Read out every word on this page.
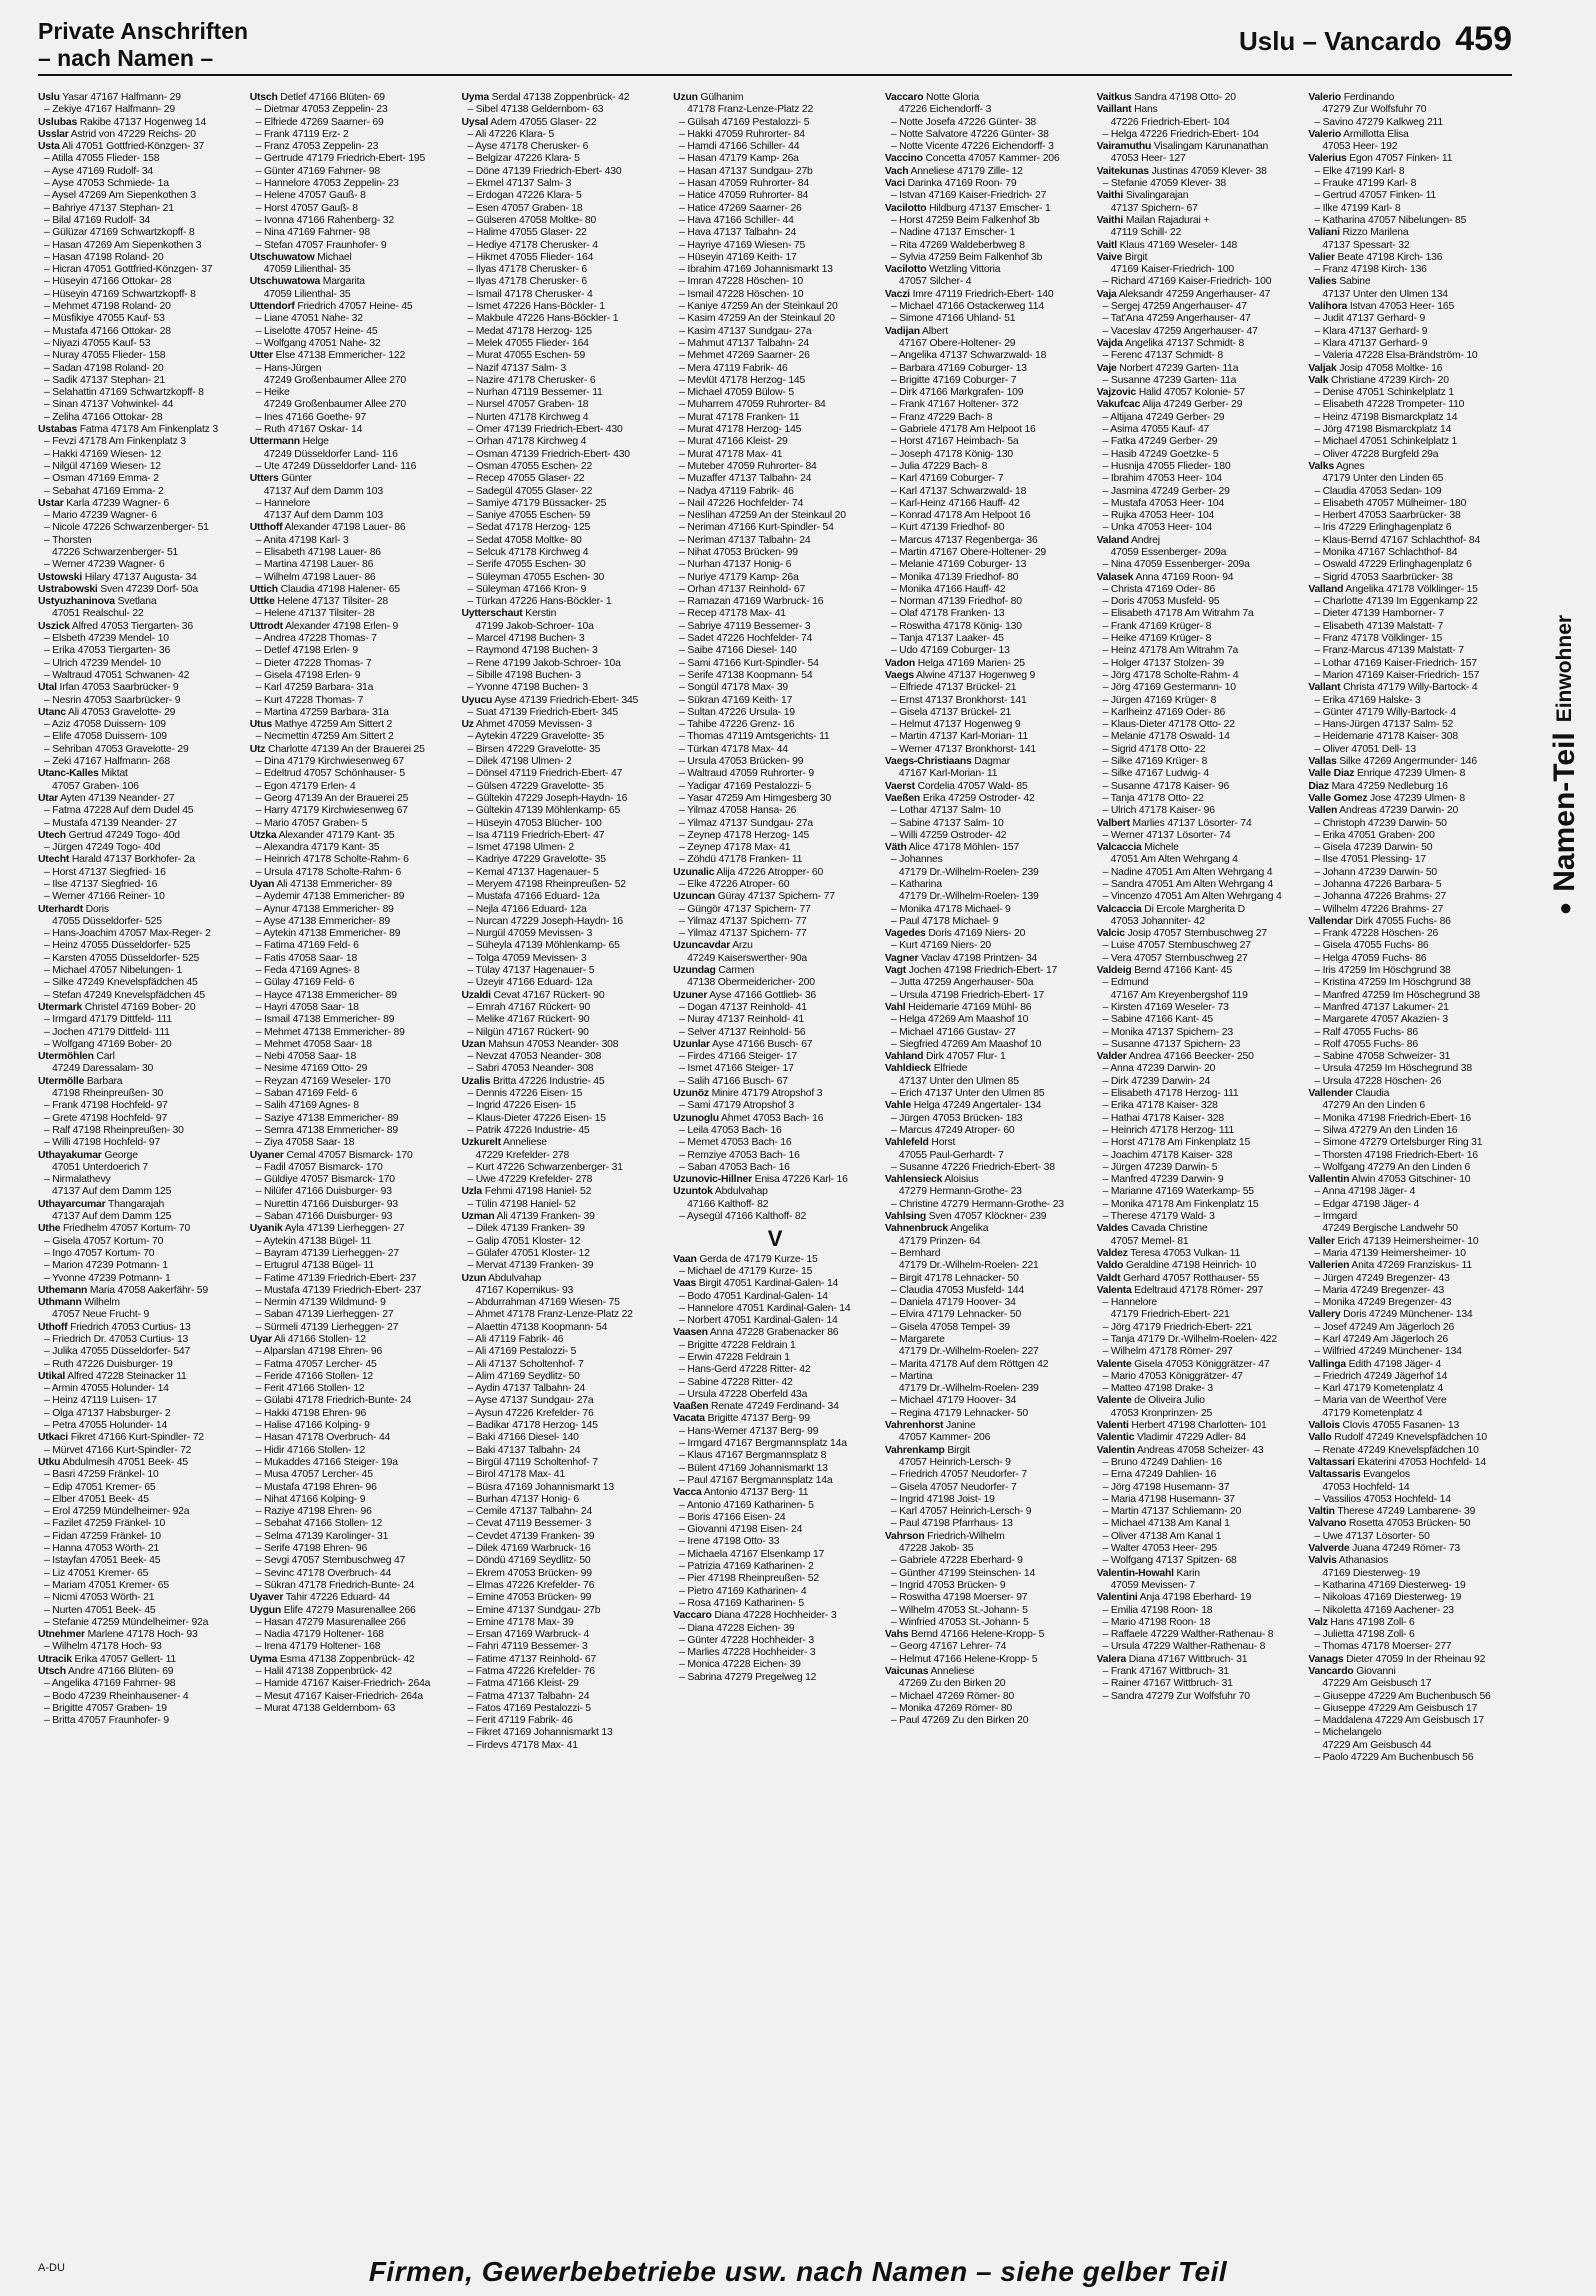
Private Anschriften
– nach Namen –
Uslu – Vancardo 459
●
Namen-Teil
Einwohner
Uslu Yasar 47167 Halfmann- 29
– Zekiye 47167 Halfmann- 29
Uslubas Rakibe 47137 Hogenweg 14
Usslar Astrid von 47229 Reichs- 20
Usta Ali 47051 Gottfried-Könzgen- 37
– Atilla 47055 Flieder- 158
– Ayse 47169 Rudolf- 34
– Ayse 47053 Schmiede- 1a
– Aysel 47269 Am Siepenkothen 3
– Bahriye 47137 Stephan- 21
– Bilal 47169 Rudolf- 34
– Gülüzar 47169 Schwartzkopff- 8
– Hasan 47269 Am Siepenkothen 3
– Hasan 47198 Roland- 20
– Hicran 47051 Gottfried-Könzgen- 37
– Hüseyin 47166 Ottokar- 28
– Hüseyin 47169 Schwartzkopff- 8
– Mehmet 47198 Roland- 20
– Müsfikiye 47055 Kauf- 53
– Mustafa 47166 Ottokar- 28
– Niyazi 47055 Kauf- 53
– Nuray 47055 Flieder- 158
– Sadan 47198 Roland- 20
– Sadik 47137 Stephan- 21
– Selahattin 47169 Schwartzkopff- 8
– Sinan 47137 Vohwinkel- 44
– Zeliha 47166 Ottokar- 28
Ustabas Fatma 47178 Am Finkenplatz 3
– Fevzi 47178 Am Finkenplatz 3
– Hakki 47169 Wiesen- 12
– Nilgül 47169 Wiesen- 12
– Osman 47169 Emma- 2
– Sebahat 47169 Emma- 2
Ustar Karla 47239 Wagner- 6
– Mario 47239 Wagner- 6
– Nicole 47226 Schwarzenberger- 51
– Thorsten
47226 Schwarzenberger- 51
– Werner 47239 Wagner- 6
Ustowski Hilary 47137 Augusta- 34
Ustrabowski Sven 47239 Dorf- 50a
Ustyuzhaninova Svetlana
47051 Realschul- 22
Uszick Alfred 47053 Tiergarten- 36
– Elsbeth 47239 Mendel- 10
– Erika 47053 Tiergarten- 36
– Ulrich 47239 Mendel- 10
– Waltraud 47051 Schwanen- 42
Utal Irfan 47053 Saarbrücker- 9
– Nesrin 47053 Saarbrücker- 9
Utanc Ali 47053 Gravelotte- 29
– Aziz 47058 Duissern- 109
– Elife 47058 Duissern- 109
– Sehriban 47053 Gravelotte- 29
– Zeki 47167 Halfmann- 268
Utanc-Kalles Miktat
47057 Graben- 106
Utar Ayten 47139 Neander- 27
– Fatma 47228 Auf dem Dudel 45
– Mustafa 47139 Neander- 27
Utech Gertrud 47249 Togo- 40d
– Jürgen 47249 Togo- 40d
Utecht Harald 47137 Borkhofer- 2a
– Horst 47137 Siegfried- 16
– Ilse 47137 Siegfried- 16
– Werner 47166 Reiner- 10
Uterhardt Doris
47055 Düsseldorfer- 525
– Hans-Joachim 47057 Max-Reger- 2
– Heinz 47055 Düsseldorfer- 525
– Karsten 47055 Düsseldorfer- 525
– Michael 47057 Nibelungen- 1
– Silke 47249 Knevelspfädchen 45
– Stefan 47249 Knevelspfädchen 45
Utermark Christel 47169 Bober- 20
– Irmgard 47179 Dittfeld- 111
– Jochen 47179 Dittfeld- 111
– Wolfgang 47169 Bober- 20
Utermöhlen Carl
47249 Daressalam- 30
Utermölle Barbara
47198 Rheinpreußen- 30
– Frank 47198 Hochfeld- 97
– Grete 47198 Hochfeld- 97
– Ralf 47198 Rheinpreußen- 30
– Willi 47198 Hochfeld- 97
Uthayakumar George
47051 Unterdoerich 7
– Nirmalathevy
47137 Auf dem Damm 125
Uthayarcumar Thangarajah
47137 Auf dem Damm 125
Uthe Friedhelm 47057 Kortum- 70
– Gisela 47057 Kortum- 70
– Ingo 47057 Kortum- 70
– Marion 47239 Potmann- 1
– Yvonne 47239 Potmann- 1
Uthemann Maria 47058 Aakerfähr- 59
Uthmann Wilhelm
47057 Neue Frucht- 9
Uthoff Friedrich 47053 Curtius- 13
– Friedrich Dr. 47053 Curtius- 13
– Julika 47055 Düsseldorfer- 547
– Ruth 47226 Duisburger- 19
Utikal Alfred 47228 Steinacker 11
– Armin 47055 Holunder- 14
– Heinz 47119 Luisen- 17
– Olga 47137 Habsburger- 2
– Petra 47055 Holunder- 14
Utkaci Fikret 47166 Kurt-Spindler- 72
– Mürvet 47166 Kurt-Spindler- 72
Utku Abdulmesih 47051 Beek- 45
– Basri 47259 Fränkel- 10
– Edip 47051 Kremer- 65
– Elber 47051 Beek- 45
– Erol 47259 Mündelheimer- 92a
– Fazilet 47259 Fränkel- 10
– Fidan 47259 Fränkel- 10
– Hanna 47053 Wörth- 21
– Istayfan 47051 Beek- 45
– Liz 47051 Kremer- 65
– Mariam 47051 Kremer- 65
– Nicmi 47053 Wörth- 21
– Nurten 47051 Beek- 45
– Stefanie 47259 Mündelheimer- 92a
Utnehmer Marlene 47178 Hoch- 93
– Wilhelm 47178 Hoch- 93
Utracik Erika 47057 Gellert- 11
Utsch Andre 47166 Blüten- 69
– Angelika 47169 Fahrner- 98
– Bodo 47239 Rheinhausener- 4
– Brigitte 47057 Graben- 19
– Britta 47057 Fraunhofer- 9
Utsch Detlef 47166 Blüten- 69
– Dietmar 47053 Zeppelin- 23
– Elfriede 47269 Saarner- 69
– Frank 47119 Erz- 2
– Franz 47053 Zeppelin- 23
– Gertrude 47179 Friedrich-Ebert- 195
– Günter 47169 Fahrner- 98
– Hannelore 47053 Zeppelin- 23
– Helene 47057 Gauß- 8
– Horst 47057 Gauß- 8
– Ivonna 47166 Rahenberg- 32
– Nina 47169 Fahrner- 98
– Stefan 47057 Fraunhofer- 9
Utschuwatow Michael
47059 Lilienthal- 35
Utschuwatowa Margarita
47059 Lilienthal- 35
Uttendorf Friedrich 47057 Heine- 45
– Liane 47051 Nahe- 32
– Liselotte 47057 Heine- 45
– Wolfgang 47051 Nahe- 32
Utter Else 47138 Emmericher- 122
– Hans-Jürgen
47249 Großenbaumer Allee 270
– Heike
47249 Großenbaumer Allee 270
– Ines 47166 Goethe- 97
– Ruth 47167 Oskar- 14
Uttermann Helge
47249 Düsseldorfer Land- 116
– Ute 47249 Düsseldorfer Land- 116
Utters Günter
47137 Auf dem Damm 103
– Hannelore
47137 Auf dem Damm 103
Utthoff Alexander 47198 Lauer- 86
– Anita 47198 Karl- 3
– Elisabeth 47198 Lauer- 86
– Martina 47198 Lauer- 86
– Wilhelm 47198 Lauer- 86
Uttich Claudia 47198 Halener- 65
Uttke Helene 47137 Tilsiter- 28
– Helene 47137 Tilsiter- 28
Uttrodt Alexander 47198 Erlen- 9
– Andrea 47228 Thomas- 7
– Detlef 47198 Erlen- 9
– Dieter 47228 Thomas- 7
– Gisela 47198 Erlen- 9
– Karl 47259 Barbara- 31a
– Kurt 47228 Thomas- 7
– Martina 47259 Barbara- 31a
Utus Mathye 47259 Am Sittert 2
– Necmettin 47259 Am Sittert 2
Utz Charlotte 47139 An der Brauerei 25
– Dina 47179 Kirchwiesenweg 67
– Edeltrud 47057 Schönhauser- 5
– Egon 47179 Erlen- 4
– Georg 47139 An der Brauerei 25
– Harry 47179 Kirchwiesenweg 67
– Mario 47057 Graben- 5
Utzka Alexander 47179 Kant- 35
– Alexandra 47179 Kant- 35
– Heinrich 47178 Scholte-Rahm- 6
– Ursula 47178 Scholte-Rahm- 6
Uyan Ali 47138 Emmericher- 89
– Aydemir 47138 Emmericher- 89
– Aynur 47138 Emmericher- 89
– Ayse 47138 Emmericher- 89
– Aytekin 47138 Emmericher- 89
– Fatima 47169 Feld- 6
– Fatis 47058 Saar- 18
– Feda 47169 Agnes- 8
– Gülay 47169 Feld- 6
– Hayce 47138 Emmericher- 89
– Hayri 47058 Saar- 18
– Ismail 47138 Emmericher- 89
– Mehmet 47138 Emmericher- 89
– Mehmet 47058 Saar- 18
– Nebi 47058 Saar- 18
– Nesime 47169 Otto- 29
– Reyzan 47169 Weseler- 170
– Saban 47169 Feld- 6
– Salih 47169 Agnes- 8
– Saziye 47138 Emmericher- 89
– Semra 47138 Emmericher- 89
– Ziya 47058 Saar- 18
Uyaner Cemal 47057 Bismarck- 170
– Fadil 47057 Bismarck- 170
– Güldiye 47057 Bismarck- 170
– Nilüfer 47166 Duisburger- 93
– Nurettin 47166 Duisburger- 93
– Saban 47166 Duisburger- 93
Uyanik Ayla 47139 Lierheggen- 27
– Aytekin 47138 Bügel- 11
– Bayram 47139 Lierheggen- 27
– Ertugrul 47138 Bügel- 11
– Fatime 47139 Friedrich-Ebert- 237
– Mustafa 47139 Friedrich-Ebert- 237
– Nermin 47139 Wildmund- 9
– Saban 47139 Lierheggen- 27
– Sürmeli 47139 Lierheggen- 27
Uyar Ali 47166 Stollen- 12
– Alparslan 47198 Ehren- 96
– Fatma 47057 Lercher- 45
– Feride 47166 Stollen- 12
– Ferit 47166 Stollen- 12
– Gülabi 47178 Friedrich-Bunte- 24
– Hakki 47198 Ehren- 96
– Halise 47166 Kolping- 9
– Hasan 47178 Overbruch- 44
– Hidir 47166 Stollen- 12
– Mukaddes 47166 Steiger- 19a
– Musa 47057 Lercher- 45
– Mustafa 47198 Ehren- 96
– Nihat 47166 Kolping- 9
– Raziye 47198 Ehren- 96
– Sebahat 47166 Stollen- 12
– Selma 47139 Karolinger- 31
– Serife 47198 Ehren- 96
– Sevgi 47057 Sternbuschweg 47
– Sevinc 47178 Overbruch- 44
– Sükran 47178 Friedrich-Bunte- 24
Uyaver Tahir 47226 Eduard- 44
Uygun Elife 47279 Masurenallee 266
– Hasan 47279 Masurenallee 266
– Nadia 47179 Holtener- 168
– Irena 47179 Holtener- 168
Uyma Esma 47138 Zoppenbrück- 42
– Halil 47138 Zoppenbrück- 42
– Hamide 47167 Kaiser-Friedrich- 264a
– Mesut 47167 Kaiser-Friedrich- 264a
– Murat 47138 Geldernbom- 63
Uyma Serdal 47138 Zoppenbrück- 42
– Sibel 47138 Geldernbom- 63
Uysal Adem 47055 Glaser- 22
– Ali 47226 Klara- 5
– Ayse 47178 Cherusker- 6
– Belgizar 47226 Klara- 5
– Döne 47139 Friedrich-Ebert- 430
– Ekmel 47137 Salm- 3
– Erdogan 47226 Klara- 5
– Esen 47057 Graben- 18
– Gülseren 47058 Moltke- 80
– Halime 47055 Glaser- 22
– Hediye 47178 Cherusker- 4
– Hikmet 47055 Flieder- 164
– Ilyas 47178 Cherusker- 6
– Ilyas 47178 Cherusker- 6
– Ismail 47178 Cherusker- 4
– Ismet 47226 Hans-Böckler- 1
– Makbule 47226 Hans-Böckler- 1
– Medat 47178 Herzog- 125
– Melek 47055 Flieder- 164
– Murat 47055 Eschen- 59
– Nazif 47137 Salm- 3
– Nazire 47178 Cherusker- 6
– Nurhan 47119 Bessemer- 11
– Nursel 47057 Graben- 18
– Nurten 47178 Kirchweg 4
– Ömer 47139 Friedrich-Ebert- 430
– Orhan 47178 Kirchweg 4
– Osman 47139 Friedrich-Ebert- 430
– Osman 47055 Eschen- 22
– Recep 47055 Glaser- 22
– Sadegül 47055 Glaser- 22
– Samiye 47179 Büssacker- 25
– Saniye 47055 Eschen- 59
– Sedat 47178 Herzog- 125
– Sedat 47058 Moltke- 80
– Selcuk 47178 Kirchweg 4
– Serife 47055 Eschen- 30
– Süleyman 47055 Eschen- 30
– Süleyman 47166 Kron- 9
– Türkan 47226 Hans-Böckler- 1
Uytterschaut Kerstin
47199 Jakob-Schroer- 10a
– Marcel 47198 Buchen- 3
– Raymond 47198 Buchen- 3
– Rene 47199 Jakob-Schroer- 10a
– Sibille 47198 Buchen- 3
– Yvonne 47198 Buchen- 3
Uyucu Ayse 47139 Friedrich-Ebert- 345
– Suat 47139 Friedrich-Ebert- 345
Uz Ahmet 47059 Mevissen- 3
– Aytekin 47229 Gravelotte- 35
– Birsen 47229 Gravelotte- 35
– Dilek 47198 Ulmen- 2
– Dönsel 47119 Friedrich-Ebert- 47
– Gülsen 47229 Gravelotte- 35
– Gültekin 47229 Joseph-Haydn- 16
– Gültekin 47139 Möhlenkamp- 65
– Hüseyin 47053 Blücher- 100
– Isa 47119 Friedrich-Ebert- 47
– Ismet 47198 Ulmen- 2
– Kadriye 47229 Gravelotte- 35
– Kemal 47137 Hagenauer- 5
– Meryem 47198 Rheinpreußen- 52
– Mustafa 47166 Eduard- 12a
– Nejla 47166 Eduard- 12a
– Nurcan 47229 Joseph-Haydn- 16
– Nurgül 47059 Mevissen- 3
– Süheyla 47139 Möhlenkamp- 65
– Tolga 47059 Mevissen- 3
– Tülay 47137 Hagenauer- 5
– Üzeyir 47166 Eduard- 12a
Uzaldi Cevat 47167 Rückert- 90
– Emrah 47167 Rückert- 90
– Melike 47167 Rückert- 90
– Nilgün 47167 Rückert- 90
Uzan Mahsun 47053 Neander- 308
– Nevzat 47053 Neander- 308
– Sabri 47053 Neander- 308
Uzalis Britta 47226 Industrie- 45
– Dennis 47226 Eisen- 15
– Ingrid 47226 Eisen- 15
– Klaus-Dieter 47226 Eisen- 15
– Patrik 47226 Industrie- 45
Uzkurelt Anneliese
47229 Krefelder- 278
– Kurt 47226 Schwarzenberger- 31
– Uwe 47229 Krefelder- 278
Uzla Fehmi 47198 Haniel- 52
– Tülin 47198 Haniel- 52
Uzman Ali 47139 Franken- 39
– Dilek 47139 Franken- 39
– Galip 47051 Kloster- 12
– Gülafer 47051 Kloster- 12
– Mervat 47139 Franken- 39
Uzun Abdulvahap
47167 Kopernikus- 93
– Abdurrahman 47169 Wiesen- 75
– Ahmet 47178 Franz-Lenze-Platz 22
– Alaettin 47138 Koopmann- 54
– Ali 47119 Fabrik- 46
– Ali 47169 Pestalozzi- 5
– Ali 47137 Scholtenhof- 7
– Alim 47169 Seydlitz- 50
– Aydin 47137 Talbahn- 24
– Ayse 47137 Sundgau- 27a
– Aysun 47226 Krefelder- 76
– Badikar 47178 Herzog- 145
– Baki 47166 Diesel- 140
– Baki 47137 Talbahn- 24
– Birgül 47119 Scholtenhof- 7
– Birol 47178 Max- 41
– Büsra 47169 Johannismarkt 13
– Burhan 47137 Honig- 6
– Cemile 47137 Talbahn- 24
– Cevat 47119 Bessemer- 3
– Cevdet 47139 Franken- 39
– Dilek 47169 Warbruck- 16
– Döndü 47169 Seydlitz- 50
– Ekrem 47053 Brücken- 99
– Elmas 47226 Krefelder- 76
– Emine 47053 Brücken- 99
– Emine 47137 Sundgau- 27b
– Emine 47178 Max- 39
– Ersan 47169 Warbruck- 4
– Fahri 47119 Bessemer- 3
– Fatime 47137 Reinhold- 67
– Fatma 47226 Krefelder- 76
– Fatma 47166 Kleist- 29
– Fatma 47137 Talbahn- 24
– Fatos 47169 Pestalozzi- 5
– Ferit 47119 Fabrik- 46
– Fikret 47169 Johannismarkt 13
– Firdevs 47178 Max- 41
Uzun Gülhanim
47178 Franz-Lenze-Platz 22
– Gülsah 47169 Pestalozzi- 5
– Hakki 47059 Ruhrorter- 84
– Hamdi 47166 Schiller- 44
– Hasan 47179 Kamp- 26a
– Hasan 47137 Sundgau- 27b
– Hasan 47059 Ruhrorter- 84
– Hatice 47059 Ruhrorter- 84
– Hatice 47269 Saarner- 26
– Hava 47166 Schiller- 44
– Hava 47137 Talbahn- 24
– Hayriye 47169 Wiesen- 75
– Hüseyin 47169 Keith- 17
– Ibrahim 47169 Johannismarkt 13
– Imran 47228 Höschen- 10
– Ismail 47228 Höschen- 10
– Kaniye 47259 An der Steinkaul 20
– Kasim 47259 An der Steinkaul 20
– Kasim 47137 Sundgau- 27a
– Mahmut 47137 Talbahn- 24
– Mehmet 47269 Saarner- 26
– Mera 47119 Fabrik- 46
– Mevlüt 47178 Herzog- 145
– Michael 47059 Bülow- 5
– Muharrem 47059 Ruhrorter- 84
– Murat 47178 Franken- 11
– Murat 47178 Herzog- 145
– Murat 47166 Kleist- 29
– Murat 47178 Max- 41
– Muteber 47059 Ruhrorter- 84
– Muzaffer 47137 Talbahn- 24
– Nadya 47119 Fabrik- 46
– Nail 47226 Hochfelder- 74
– Neslihan 47259 An der Steinkaul 20
– Neriman 47166 Kurt-Spindler- 54
– Neriman 47137 Talbahn- 24
– Nihat 47053 Brücken- 99
– Nurhan 47137 Honig- 6
– Nuriye 47179 Kamp- 26a
– Orhan 47137 Reinhold- 67
– Ramazan 47169 Warbruck- 16
– Recep 47178 Max- 41
– Sabriye 47119 Bessemer- 3
– Sadet 47226 Hochfelder- 74
– Saibe 47166 Diesel- 140
– Sami 47166 Kurt-Spindler- 54
– Serife 47138 Koopmann- 54
– Songül 47178 Max- 39
– Sükran 47169 Keith- 17
– Sultan 47226 Ursula- 19
– Tahibe 47226 Grenz- 16
– Thomas 47119 Amtsgerichts- 11
– Türkan 47178 Max- 44
– Ursula 47053 Brücken- 99
– Waltraud 47059 Ruhrorter- 9
– Yadigar 47169 Pestalozzi- 5
– Yasar 47259 Am Himgesberg 30
– Yilmaz 47058 Hansa- 26
– Yilmaz 47137 Sundgau- 27a
– Zeynep 47178 Herzog- 145
– Zeynep 47178 Max- 41
– Zöhdü 47178 Franken- 11
Uzunalic Alija 47226 Atropper- 60
– Elke 47226 Atroper- 60
Uzuncan Güray 47137 Spichern- 77
– Güngör 47137 Spichern- 77
– Yilmaz 47137 Spichern- 77
– Yilmaz 47137 Spichern- 77
Uzuncavdar Arzu
47249 Kaiserswerther- 90a
Uzundag Carmen
47138 Obermeidericher- 200
Uzuner Ayse 47166 Gottlieb- 36
– Dogan 47137 Reinhold- 41
– Nuray 47137 Reinhold- 41
– Selver 47137 Reinhold- 56
Uzunlar Ayse 47166 Busch- 67
– Firdes 47166 Steiger- 17
– Ismet 47166 Steiger- 17
– Salih 47166 Busch- 67
Uzunöz Minire 47179 Atropshof 3
– Sami 47179 Atropshof 3
Uzunoglu Ahmet 47053 Bach- 16
– Leila 47053 Bach- 16
– Memet 47053 Bach- 16
– Remziye 47053 Bach- 16
– Saban 47053 Bach- 16
Uzunovic-Hillner Enisa 47226 Karl- 16
Uzuntok Abdulvahap
47166 Kalthoff- 82
– Aysegül 47166 Kalthoff- 82
V
Vaan Gerda de 47179 Kurze- 15
– Michael de 47179 Kurze- 15
Vaas Birgit 47051 Kardinal-Galen- 14
– Bodo 47051 Kardinal-Galen- 14
– Hannelore 47051 Kardinal-Galen- 14
– Norbert 47051 Kardinal-Galen- 14
Vaasen Anna 47228 Grabenacker 86
– Brigitte 47228 Feldrain 1
– Erwin 47228 Feldrain 1
– Hans-Gerd 47228 Ritter- 42
– Sabine 47228 Ritter- 42
– Ursula 47228 Oberfeld 43a
Vaaßen Renate 47249 Ferdinand- 34
Vacata Brigitte 47137 Berg- 99
– Hans-Werner 47137 Berg- 99
– Irmgard 47167 Bergmannsplatz 14a
– Klaus 47167 Bergmannsplatz 8
– Bülent 47169 Johannismarkt 13
– Paul 47167 Bergmannsplatz 14a
Vacca Antonio 47137 Berg- 11
– Antonio 47169 Katharinen- 5
– Boris 47166 Eisen- 24
– Giovanni 47198 Eisen- 24
– Irene 47198 Otto- 33
– Michaela 47167 Elsenkamp 17
– Patrizia 47169 Katharinen- 2
– Pier 47198 Rheinpreußen- 52
– Pietro 47169 Katharinen- 4
– Rosa 47169 Katharinen- 5
Vaccaro Diana 47228 Hochheider- 3
– Diana 47228 Eichen- 39
– Günter 47228 Hochheider- 3
– Marlies 47228 Hochheider- 3
– Monica 47228 Eichen- 39
– Sabrina 47279 Pregelweg 12
Vaccaro Notte Gloria
47226 Eichendorff- 3
– Notte Josefa 47226 Günter- 38
– Notte Salvatore 47226 Günter- 38
– Notte Vicente 47226 Eichendorff- 3
Vaccino Concetta 47057 Kammer- 206
Vach Anneliese 47179 Zille- 12
Vaci Darinka 47169 Roon- 79
– Istvan 47169 Kaiser-Friedrich- 27
Vacilotto Hildburg 47137 Emscher- 1
– Horst 47259 Beim Falkenhof 3b
– Nadine 47137 Emscher- 1
– Rita 47269 Waldeberbweg 8
– Sylvia 47259 Beim Falkenhof 3b
Vacilotto Wetzling Vittoria
47057 Silcher- 4
Vaczi Imre 47119 Friedrich-Ebert- 140
– Michael 47166 Ostackerweg 114
– Simone 47166 Uhland- 51
Vadijan Albert
47167 Obere-Holtener- 29
– Angelika 47137 Schwarzwald- 18
– Barbara 47169 Coburger- 13
– Brigitte 47169 Coburger- 7
– Dirk 47166 Markgrafen- 109
– Frank 47167 Holtener- 372
– Franz 47229 Bach- 8
– Gabriele 47178 Am Helpoot 16
– Horst 47167 Heimbach- 5a
– Joseph 47178 König- 130
– Julia 47229 Bach- 8
– Karl 47169 Coburger- 7
– Karl 47137 Schwarzwald- 18
– Karl-Heinz 47166 Hauff- 42
– Konrad 47178 Am Helpoot 16
– Kurt 47139 Friedhof- 80
– Marcus 47137 Regenberga- 36
– Martin 47167 Obere-Holtener- 29
– Melanie 47169 Coburger- 13
– Monika 47139 Friedhof- 80
– Monika 47166 Hauff- 42
– Norman 47139 Friedhof- 80
– Olaf 47178 Franken- 13
– Roswitha 47178 König- 130
– Tanja 47137 Laaker- 45
– Udo 47169 Coburger- 13
Vadon Helga 47169 Marien- 25
Vaegs Alwine 47137 Hogenweg 9
– Elfriede 47137 Brückel- 21
– Ernst 47137 Bronkhorst- 141
– Gisela 47137 Brückel- 21
– Helmut 47137 Hogenweg 9
– Martin 47137 Karl-Morian- 11
– Werner 47137 Bronkhorst- 141
Vaegs-Christiaans Dagmar
47167 Karl-Morian- 11
Vaerst Cordelia 47057 Wald- 85
Vaeßen Erika 47259 Ostroder- 42
– Lothar 47137 Salm- 10
– Sabine 47137 Salm- 10
– Willi 47259 Ostroder- 42
Väth Alice 47178 Möhlen- 157
– Johannes
47179 Dr.-Wilhelm-Roelen- 239
– Katharina
47179 Dr.-Wilhelm-Roelen- 139
– Monika 47178 Michael- 9
– Paul 47178 Michael- 9
Vagedes Doris 47169 Niers- 20
– Kurt 47169 Niers- 20
Vagner Vaclav 47198 Printzen- 34
Vagt Jochen 47198 Friedrich-Ebert- 17
– Jutta 47259 Angerhauser- 50a
– Ursula 47198 Friedrich-Ebert- 17
Vahl Heidemarie 47169 Mühl- 86
– Helga 47269 Am Maashof 10
– Michael 47166 Gustav- 27
– Siegfried 47269 Am Maashof 10
Vahland Dirk 47057 Flur- 1
Vahldieck Elfriede
47137 Unter den Ulmen 85
– Erich 47137 Unter den Ulmen 85
Vahle Helga 47249 Angertaler- 134
– Jürgen 47053 Brücken- 183
– Marcus 47249 Atroper- 60
Vahlefeld Horst
47055 Paul-Gerhardt- 7
– Susanne 47226 Friedrich-Ebert- 38
Vahlensieck Aloisius
47279 Hermann-Grothe- 23
– Christine 47279 Hermann-Grothe- 23
Vahlsing Sven 47057 Klöckner- 239
Vahnenbruck Angelika
47179 Prinzen- 64
– Bernhard
47179 Dr.-Wilhelm-Roelen- 221
– Birgit 47178 Lehnacker- 50
– Claudia 47053 Musfeld- 144
– Daniela 47179 Hoover- 34
– Elvira 47179 Lehnacker- 50
– Gisela 47058 Tempel- 39
– Margarete
47179 Dr.-Wilhelm-Roelen- 227
– Marita 47178 Auf dem Röttgen 42
– Martina
47179 Dr.-Wilhelm-Roelen- 239
– Michael 47179 Hoover- 34
– Regina 47179 Lehnacker- 50
Vahrenhorst Janine
47057 Kammer- 206
Vahrenkamp Birgit
47057 Heinrich-Lersch- 9
– Friedrich 47057 Neudorfer- 7
– Gisela 47057 Neudorfer- 7
– Ingrid 47198 Joist- 19
– Karl 47057 Heinrich-Lersch- 9
– Paul 47198 Pfarrhaus- 13
Vahrson Friedrich-Wilhelm
47228 Jakob- 35
– Gabriele 47228 Eberhard- 9
– Günther 47199 Steinschen- 14
– Ingrid 47053 Brücken- 9
– Roswitha 47198 Moerser- 97
– Wilhelm 47053 St.-Johann- 5
– Winfried 47053 St.-Johann- 5
Vahs Bernd 47166 Helene-Kropp- 5
– Georg 47167 Lehrer- 74
– Helmut 47166 Helene-Kropp- 5
Vaicunas Anneliese
47269 Zu den Birken 20
– Michael 47269 Römer- 80
– Monika 47269 Römer- 80
– Paul 47269 Zu den Birken 20
Vaitkus Sandra 47198 Otto- 20
Vaillant Hans
47226 Friedrich-Ebert- 104
– Helga 47226 Friedrich-Ebert- 104
Vairamuthu Visalingam Karunanathan
47053 Heer- 127
Vaitekunas Justinas 47059 Klever- 38
– Stefanie 47059 Klever- 38
Vaithi Sivalingarajan
47137 Spichern- 67
Vaithi Mailan Rajadurai +
47119 Schill- 22
Vaitl Klaus 47169 Weseler- 148
Vaive Birgit
47169 Kaiser-Friedrich- 100
– Richard 47169 Kaiser-Friedrich- 100
Vaja Aleksandr 47259 Angerhauser- 47
– Sergej 47259 Angerhauser- 47
– Tat'Ana 47259 Angerhauser- 47
– Vaceslav 47259 Angerhauser- 47
Vajda Angelika 47137 Schmidt- 8
– Ferenc 47137 Schmidt- 8
Vaje Norbert 47239 Garten- 11a
– Susanne 47239 Garten- 11a
Vajzovic Halid 47057 Kolonie- 57
Vakufcac Alija 47249 Gerber- 29
– Altijana 47249 Gerber- 29
– Asima 47055 Kauf- 47
– Fatka 47249 Gerber- 29
– Hasib 47249 Goetzke- 5
– Husnija 47055 Flieder- 180
– Ibrahim 47053 Heer- 104
– Jasmina 47249 Gerber- 29
– Mustafa 47053 Heer- 104
– Rujka 47053 Heer- 104
– Unka 47053 Heer- 104
Valand Andrej
47059 Essenberger- 209a
– Nina 47059 Essenberger- 209a
Valasek Anna 47169 Roon- 94
– Christa 47169 Oder- 86
– Doris 47053 Musfeld- 95
– Elisabeth 47178 Am Witrahm 7a
– Frank 47169 Krüger- 8
– Heike 47169 Krüger- 8
– Heinz 47178 Am Witrahm 7a
– Holger 47137 Stolzen- 39
– Jörg 47178 Scholte-Rahm- 4
– Jörg 47169 Gestermann- 10
– Jürgen 47169 Krüger- 8
– Karlheinz 47169 Oder- 86
– Klaus-Dieter 47178 Otto- 22
– Melanie 47178 Oswald- 14
– Sigrid 47178 Otto- 22
– Silke 47169 Krüger- 8
– Silke 47167 Ludwig- 4
– Susanne 47178 Kaiser- 96
– Tanja 47178 Otto- 22
– Ulrich 47178 Kaiser- 96
Valbert Marlies 47137 Lösorter- 74
– Werner 47137 Lösorter- 74
Valcaccia Michele
47051 Am Alten Wehrgang 4
– Nadine 47051 Am Alten Wehrgang 4
– Sandra 47051 Am Alten Wehrgang 4
– Vincenzo 47051 Am Alten Wehrgang 4
Valcaccia Di Ercole Margherita D
47053 Johanniter- 42
Valcic Josip 47057 Sternbuschweg 27
– Luise 47057 Sternbuschweg 27
– Vera 47057 Sternbuschweg 27
Valdeig Bernd 47166 Kant- 45
– Edmund
47167 Am Kreyenbergshof 119
– Kirsten 47169 Weseler- 73
– Sabine 47166 Kant- 45
– Monika 47137 Spichern- 23
– Susanne 47137 Spichern- 23
Valder Andrea 47166 Beecker- 250
– Anna 47239 Darwin- 20
– Dirk 47239 Darwin- 24
– Elisabeth 47178 Herzog- 111
– Erika 47178 Kaiser- 328
– Hathai 47178 Kaiser- 328
– Heinrich 47178 Herzog- 111
– Horst 47178 Am Finkenplatz 15
– Joachim 47178 Kaiser- 328
– Jürgen 47239 Darwin- 5
– Manfred 47239 Darwin- 9
– Marianne 47169 Waterkamp- 55
– Monika 47178 Am Finkenplatz 15
– Therese 47179 Wald- 3
Valdes Cavada Christine
47057 Memel- 81
Valdez Teresa 47053 Vulkan- 11
Valdo Geraldine 47198 Heinrich- 10
Valdt Gerhard 47057 Rotthauser- 55
Valenta Edeltraud 47178 Römer- 297
– Hannelore
47179 Friedrich-Ebert- 221
– Jörg 47179 Friedrich-Ebert- 221
– Tanja 47179 Dr.-Wilhelm-Roelen- 422
– Wilhelm 47178 Römer- 297
Valente Gisela 47053 Königgrätzer- 47
– Mario 47053 Königgrätzer- 47
– Matteo 47198 Drake- 3
Valente de Oliveira Julio
47053 Kronprinzen- 25
Valenti Herbert 47198 Charlotten- 101
Valentic Vladimir 47229 Adler- 84
Valentin Andreas 47058 Scheizer- 43
– Bruno 47249 Dahlien- 16
– Erna 47249 Dahlien- 16
– Jörg 47198 Husemann- 37
– Maria 47198 Husemann- 37
– Martin 47137 Schliemann- 20
– Michael 47138 Am Kanal 1
– Oliver 47138 Am Kanal 1
– Walter 47053 Heer- 295
– Wolfgang 47137 Spitzen- 68
Valentin-Howahl Karin
47059 Mevissen- 7
Valentini Anja 47198 Eberhard- 19
– Emilia 47198 Roon- 18
– Mario 47198 Roon- 18
– Raffaele 47229 Walther-Rathenau- 8
– Ursula 47229 Walther-Rathenau- 8
Valera Diana 47167 Wittbruch- 31
– Frank 47167 Wittbruch- 31
– Rainer 47167 Wittbruch- 31
– Sandra 47279 Zur Wolfsfuhr 70
Valerio Ferdinando
47279 Zur Wolfsfuhr 70
– Savino 47279 Kalkweg 211
Valerio Armillotta Elisa
47053 Heer- 192
Valerius Egon 47057 Finken- 11
– Elke 47199 Karl- 8
– Frauke 47199 Karl- 8
– Gertrud 47057 Finken- 11
– Ilke 47199 Karl- 8
– Katharina 47057 Nibelungen- 85
Valiani Rizzo Marilena
47137 Spessart- 32
Valier Beate 47198 Kirch- 136
– Franz 47198 Kirch- 136
Valies Sabine
47137 Unter den Ulmen 134
Valihora Istvan 47053 Heer- 165
– Judit 47137 Gerhard- 9
– Klara 47137 Gerhard- 9
– Klara 47137 Gerhard- 9
– Valeria 47228 Elsa-Brändström- 10
Valjak Josip 47058 Moltke- 16
Valk Christiane 47239 Kirch- 20
– Denise 47051 Schinkelplatz 1
– Elisabeth 47228 Trompeter- 110
– Heinz 47198 Bismarckplatz 14
– Jörg 47198 Bismarckplatz 14
– Michael 47051 Schinkelplatz 1
– Oliver 47228 Burgfeld 29a
Valks Agnes
47179 Unter den Linden 65
– Claudia 47053 Sedan- 109
– Elisabeth 47057 Mülheimer- 180
– Herbert 47053 Saarbrücker- 38
– Iris 47229 Erlinghagenplatz 6
– Klaus-Bernd 47167 Schlachthof- 84
– Monika 47167 Schlachthof- 84
– Oswald 47229 Erlinghagenplatz 6
– Sigrid 47053 Saarbrücker- 38
Valland Angelika 47178 Völklinger- 15
– Charlotte 47139 Im Eggenkamp 22
– Dieter 47139 Hamborner- 7
– Elisabeth 47139 Malstatt- 7
– Franz 47178 Völklinger- 15
– Franz-Marcus 47139 Malstatt- 7
– Lothar 47169 Kaiser-Friedrich- 157
– Marion 47169 Kaiser-Friedrich- 157
Vallant Christa 47179 Willy-Bartock- 4
– Erika 47169 Halske- 3
– Günter 47179 Willy-Bartock- 4
– Hans-Jürgen 47137 Salm- 52
– Heidemarie 47178 Kaiser- 308
– Oliver 47051 Dell- 13
Vallas Silke 47269 Angermunder- 146
Valle Diaz Enrique 47239 Ulmen- 8
Diaz Mara 47259 Nedleburg 16
Valle Gomez Jose 47239 Ulmen- 8
Vallen Andreas 47239 Darwin- 20
– Christoph 47239 Darwin- 50
– Erika 47051 Graben- 200
– Gisela 47239 Darwin- 50
– Ilse 47051 Plessing- 17
– Johann 47239 Darwin- 50
– Johanna 47226 Barbara- 5
– Johanna 47226 Brahms- 27
– Wilhelm 47226 Brahms- 27
Vallendar Dirk 47055 Fuchs- 86
– Frank 47228 Höschen- 26
– Gisela 47055 Fuchs- 86
– Helga 47059 Fuchs- 86
– Iris 47259 Im Höschgrund 38
– Kristina 47259 Im Höschgrund 38
– Manfred 47259 Im Höschegrund 38
– Manfred 47137 Lakumer- 21
– Margarete 47057 Akazien- 3
– Ralf 47055 Fuchs- 86
– Rolf 47055 Fuchs- 86
– Sabine 47058 Schweizer- 31
– Ursula 47259 Im Höschegrund 38
– Ursula 47228 Höschen- 26
Vallender Claudia
47279 An den Linden 6
– Monika 47198 Friedrich-Ebert- 16
– Silwa 47279 An den Linden 16
– Simone 47279 Ortelsburger Ring 31
– Thorsten 47198 Friedrich-Ebert- 16
– Wolfgang 47279 An den Linden 6
Vallentin Alwin 47053 Gitschiner- 10
– Anna 47198 Jäger- 4
– Edgar 47198 Jäger- 4
– Irmgard
47249 Bergische Landwehr 50
Valler Erich 47139 Heimersheimer- 10
– Maria 47139 Heimersheimer- 10
Vallerien Anita 47269 Franziskus- 11
– Jürgen 47249 Bregenzer- 43
– Maria 47249 Bregenzer- 43
– Monika 47249 Bregenzer- 43
Vallery Doris 47249 Münchener- 134
– Josef 47249 Am Jägerloch 26
– Karl 47249 Am Jägerloch 26
– Wilfried 47249 Münchener- 134
Vallinga Edith 47198 Jäger- 4
– Friedrich 47249 Jägerhof 14
– Karl 47179 Kometenplatz 4
– Maria van de Weerthof Vere
47179 Kometenplatz 4
Vallois Clovis 47055 Fasanen- 13
Vallo Rudolf 47249 Knevelspfädchen 10
– Renate 47249 Knevelspfädchen 10
Valtassari Ekaterini 47053 Hochfeld- 14
Valtassaris Evangelos
47053 Hochfeld- 14
– Vassilios 47053 Hochfeld- 14
Valtin Therese 47249 Lambarene- 39
Valvano Rosetta 47053 Brücken- 50
– Uwe 47137 Lösorter- 50
Valverde Juana 47249 Römer- 73
Valvis Athanasios
47169 Diesterweg- 19
– Katharina 47169 Diesterweg- 19
– Nikoloas 47169 Diesterweg- 19
– Nikoletta 47169 Aachener- 23
Valz Hans 47198 Zoll- 6
– Julietta 47198 Zoll- 6
– Thomas 47178 Moerser- 277
Vanags Dieter 47059 In der Rheinau 92
Vancardo Giovanni
47229 Am Geisbusch 17
– Giuseppe 47229 Am Buchenbusch 56
– Giuseppe 47229 Am Geisbusch 17
– Maddalena 47229 Am Geisbusch 17
– Michelangelo
47229 Am Geisbusch 44
– Paolo 47229 Am Buchenbusch 56
A-DU	Firmen, Gewerbebetriebe usw. nach Namen – siehe gelber Teil
